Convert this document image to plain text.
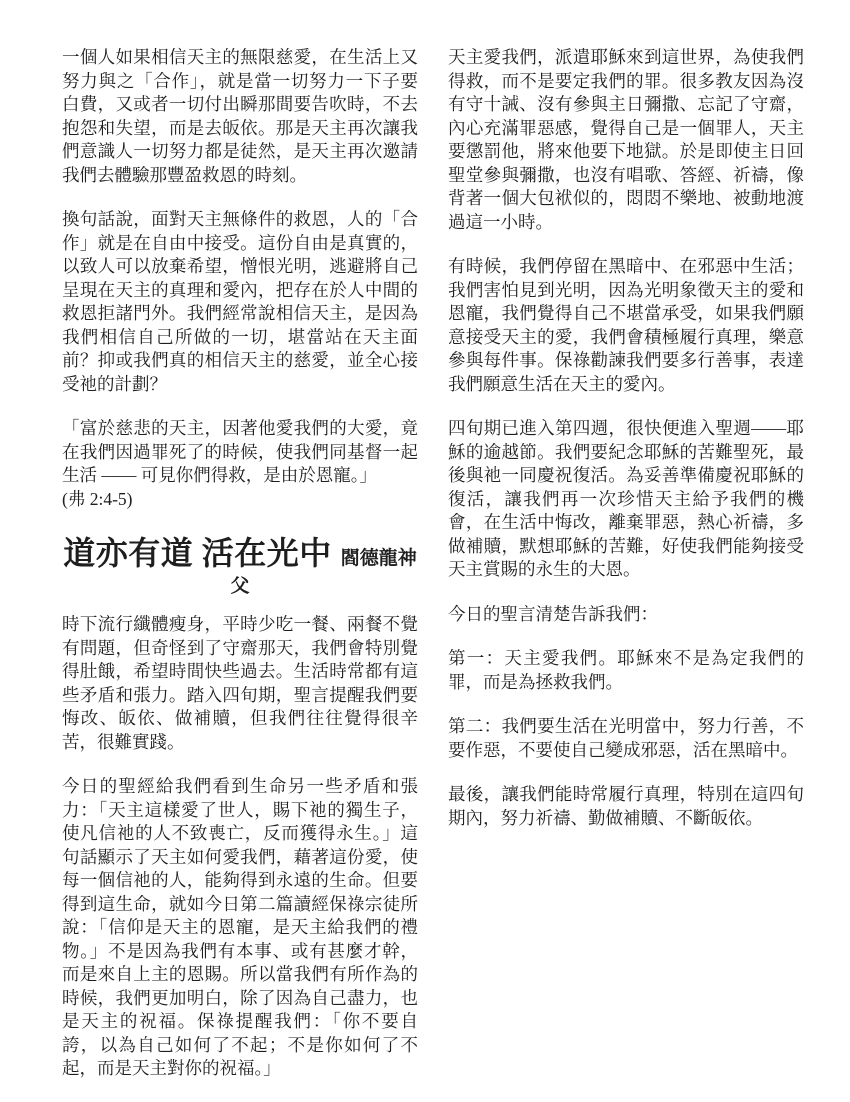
一個人如果相信天主的無限慈愛，在生活上又努力與之「合作」，就是當一切努力一下子要白費，又或者一切付出瞬那間要告吹時，不去抱怨和失望，而是去皈依。那是天主再次讓我們意識人一切努力都是徒然，是天主再次邀請我們去體驗那豐盈救恩的時刻。

換句話說，面對天主無條件的救恩，人的「合作」就是在自由中接受。這份自由是真實的，以致人可以放棄希望，憎恨光明，逃避將自己呈現在天主的真理和愛內，把存在於人中間的救恩拒諸門外。我們經常說相信天主，是因為我們相信自己所做的一切，堪當站在天主面前？抑或我們真的相信天主的慈愛，並全心接受祂的計劃？

「富於慈悲的天主，因著他愛我們的大愛，竟在我們因過罪死了的時候，使我們同基督一起生活 —— 可見你們得救，是由於恩寵。」

(弗 2:4-5)

道亦有道 活在光中 閻德龍神父

時下流行纖體瘦身，平時少吃一餐、兩餐不覺有問題，但奇怪到了守齋那天，我們會特別覺得肚餓，希望時間快些過去。生活時常都有這些矛盾和張力。踏入四旬期，聖言提醒我們要悔改、皈依、做補贖，但我們往往覺得很辛苦，很難實踐。

今日的聖經給我們看到生命另一些矛盾和張力：「天主這樣愛了世人，賜下祂的獨生子，使凡信祂的人不致喪亡，反而獲得永生。」這句話顯示了天主如何愛我們，藉著這份愛，使每一個信祂的人，能夠得到永遠的生命。但要得到這生命，就如今日第二篇讀經保祿宗徒所說：「信仰是天主的恩寵，是天主給我們的禮物。」不是因為我們有本事、或有甚麼才幹，而是來自上主的恩賜。所以當我們有所作為的時候，我們更加明白，除了因為自己盡力，也是天主的祝福。保祿提醒我們：「你不要自誇，以為自己如何了不起；不是你如何了不起，而是天主對你的祝福。」

天主愛我們，派遣耶穌來到這世界，為使我們得救，而不是要定我們的罪。很多教友因為沒有守十誡、沒有參與主日彌撒、忘記了守齋，內心充滿罪惡感，覺得自己是一個罪人，天主要懲罰他，將來他要下地獄。於是即使主日回聖堂參與彌撒，也沒有唱歌、答經、祈禱，像背著一個大包袱似的，悶悶不樂地、被動地渡過這一小時。

有時候，我們停留在黑暗中、在邪惡中生活；我們害怕見到光明，因為光明象徵天主的愛和恩寵，我們覺得自己不堪當承受，如果我們願意接受天主的愛，我們會積極履行真理，樂意參與每件事。保祿勸諫我們要多行善事，表達我們願意生活在天主的愛內。

四旬期已進入第四週，很快便進入聖週——耶穌的逾越節。我們要紀念耶穌的苦難聖死，最後與祂一同慶祝復活。為妥善準備慶祝耶穌的復活，讓我們再一次珍惜天主給予我們的機會，在生活中悔改，離棄罪惡，熱心祈禱，多做補贖，默想耶穌的苦難，好使我們能夠接受天主賞賜的永生的大恩。

今日的聖言清楚告訴我們：

第一：天主愛我們。耶穌來不是為定我們的罪，而是為拯救我們。

第二：我們要生活在光明當中，努力行善，不要作惡，不要使自己變成邪惡，活在黑暗中。

最後，讓我們能時常履行真理，特別在這四旬期內，努力祈禱、勤做補贖、不斷皈依。
